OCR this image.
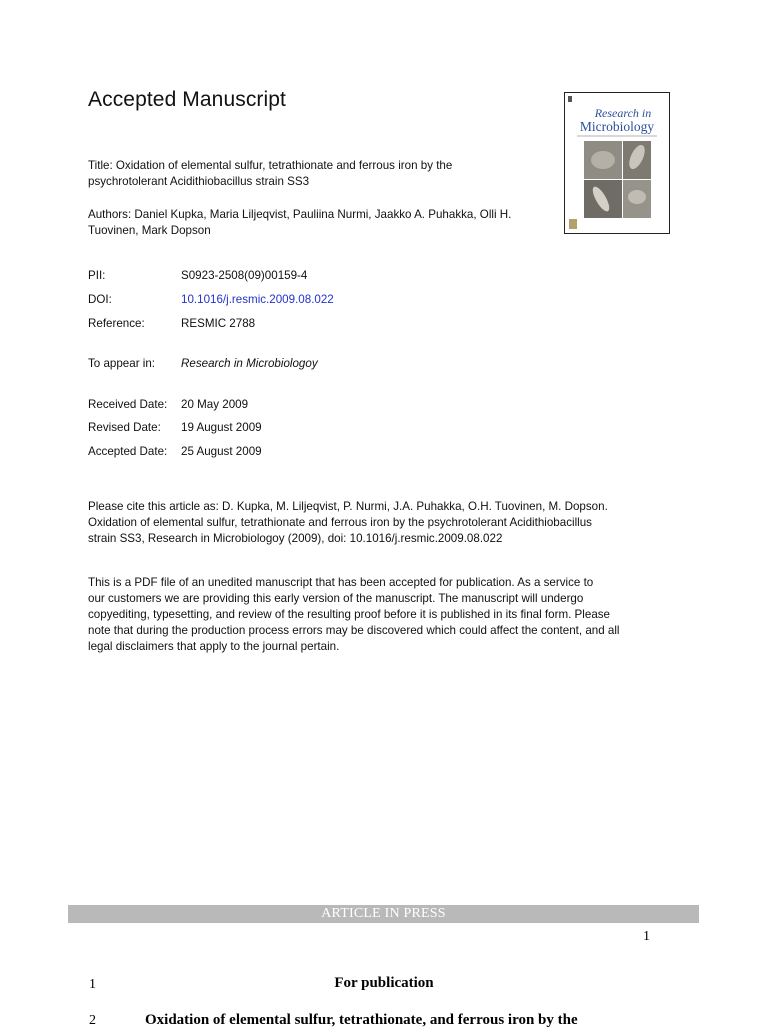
Accepted Manuscript
Research in
Microbiology
Title: Oxidation of elemental sulfur, tetrathionate and ferrous iron by the
psychrotolerant Acidithiobacillus strain SS3
Authors: Daniel Kupka, Maria Liljeqvist, Pauliina Nurmi, Jaakko A. Puhakka, Olli H.
Tuovinen, Mark Dopson
PII:	S0923-2508(09)00159-4
DOI:	10.1016/j.resmic.2009.08.022
Reference:	RESMIC 2788
To appear in: Research in Microbiologoy
Received Date: 20 May 2009
Revised Date: 19 August 2009
Accepted Date: 25 August 2009
Please cite this article as: D. Kupka, M. Liljeqvist, P. Nurmi, J.A. Puhakka, O.H. Tuovinen, M. Dopson.
Oxidation of elemental sulfur, tetrathionate and ferrous iron by the psychrotolerant Acidithiobacillus
strain SS3, Research in Microbiologoy (2009), doi: 10.1016/j.resmic.2009.08.022
This is a PDF file of an unedited manuscript that has been accepted for publication. As a service to
our customers we are providing this early version of the manuscript. The manuscript will undergo
copyediting, typesetting, and review of the resulting proof before it is published in its final form. Please
note that during the production process errors may be discovered which could affect the content, and all
legal disclaimers that apply to the journal pertain.
ARTICLE IN PRESS
1
1	For publication
2	Oxidation of elemental sulfur, tetrathionate, and ferrous iron by the
